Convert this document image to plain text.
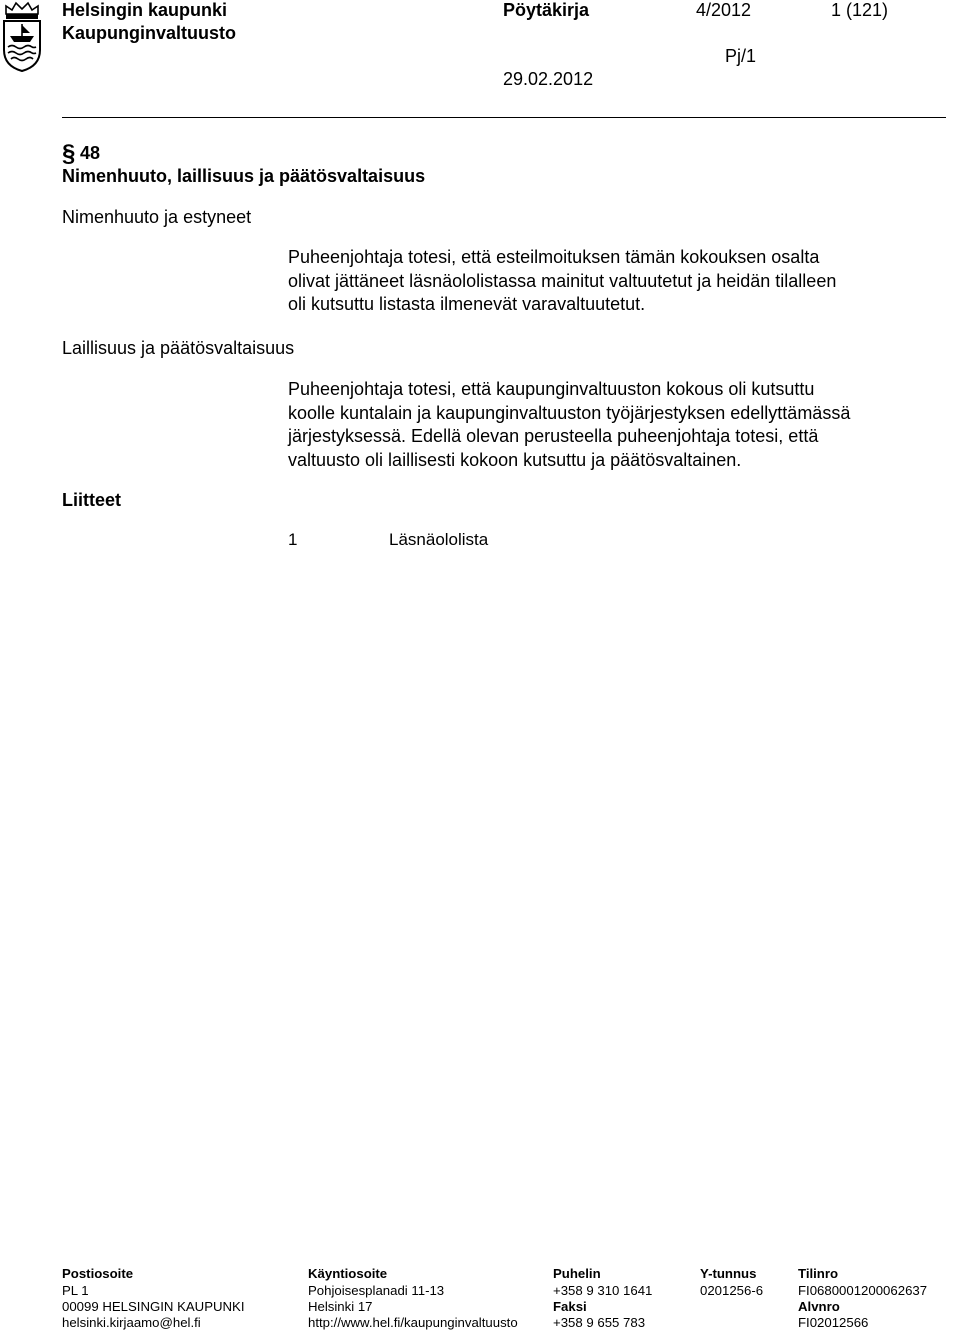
Helsingin kaupunki
Kaupunginvaltuusto
Pöytäkirja	4/2012	1 (121)
Pj/1
29.02.2012
§ 48
Nimenhuuto, laillisuus ja päätösvaltaisuus
Nimenhuuto ja estyneet
Puheenjohtaja totesi, että esteilmoituksen tämän kokouksen osalta
olivat jättäneet läsnäololistassa mainitut valtuutetut ja heidän tilalleen
oli kutsuttu listasta ilmenevät varavaltuutetut.
Laillisuus ja päätösvaltaisuus
Puheenjohtaja totesi, että kaupunginvaltuuston kokous oli kutsuttu
koolle kuntalain ja kaupunginvaltuuston työjärjestyksen edellyttämässä
järjestyksessä. Edellä olevan perusteella puheenjohtaja totesi, että
valtuusto oli laillisesti kokoon kutsuttu ja päätösvaltainen.
Liitteet
1	Läsnäololista
Postiosoite
PL 1
00099 HELSINGIN KAUPUNKI
helsinki.kirjaamo@hel.fi
Käyntiosoite
Pohjoisesplanadi 11-13
Helsinki 17
http://www.hel.fi/kaupunginvaltuusto
Puhelin
+358 9 310 1641
Faksi
+358 9 655 783
Y-tunnus
0201256-6
Tilinro
FI0680001200062637
Alvnro
FI02012566
